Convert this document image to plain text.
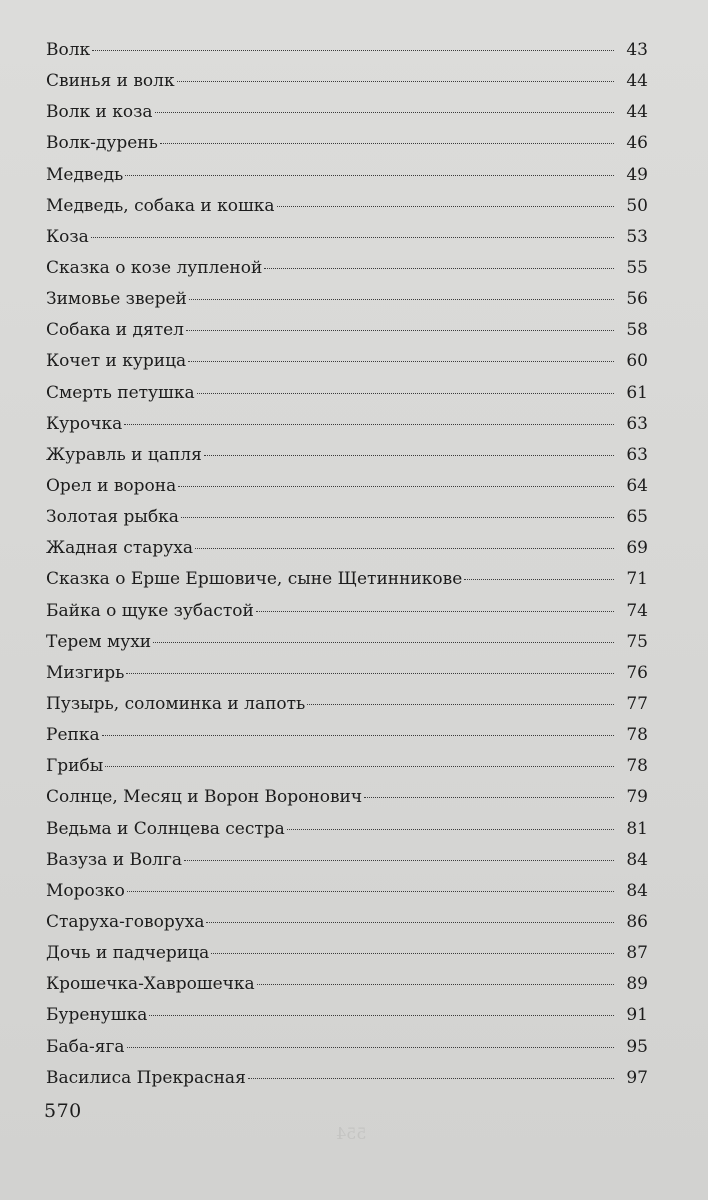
Волк	43
Свинья и волк	44
Волк и коза	44
Волк-дурень	46
Медведь	49
Медведь, собака и кошка	50
Коза	53
Сказка о козе лупленой	55
Зимовье зверей	56
Собака и дятел	58
Кочет и курица	60
Смерть петушка	61
Курочка	63
Журавль и цапля	63
Орел и ворона	64
Золотая рыбка	65
Жадная старуха	69
Сказка о Ерше Ершовиче, сыне Щетинникове	71
Байка о щуке зубастой	74
Терем мухи	75
Мизгирь	76
Пузырь, соломинка и лапоть	77
Репка	78
Грибы	78
Солнце, Месяц и Ворон Воронович	79
Ведьма и Солнцева сестра	81
Вазуза и Волга	84
Морозко	84
Старуха-говоруха	86
Дочь и падчерица	87
Крошечка-Хаврошечка	89
Буренушка	91
Баба-яга	95
Василиса Прекрасная	97
570
554
